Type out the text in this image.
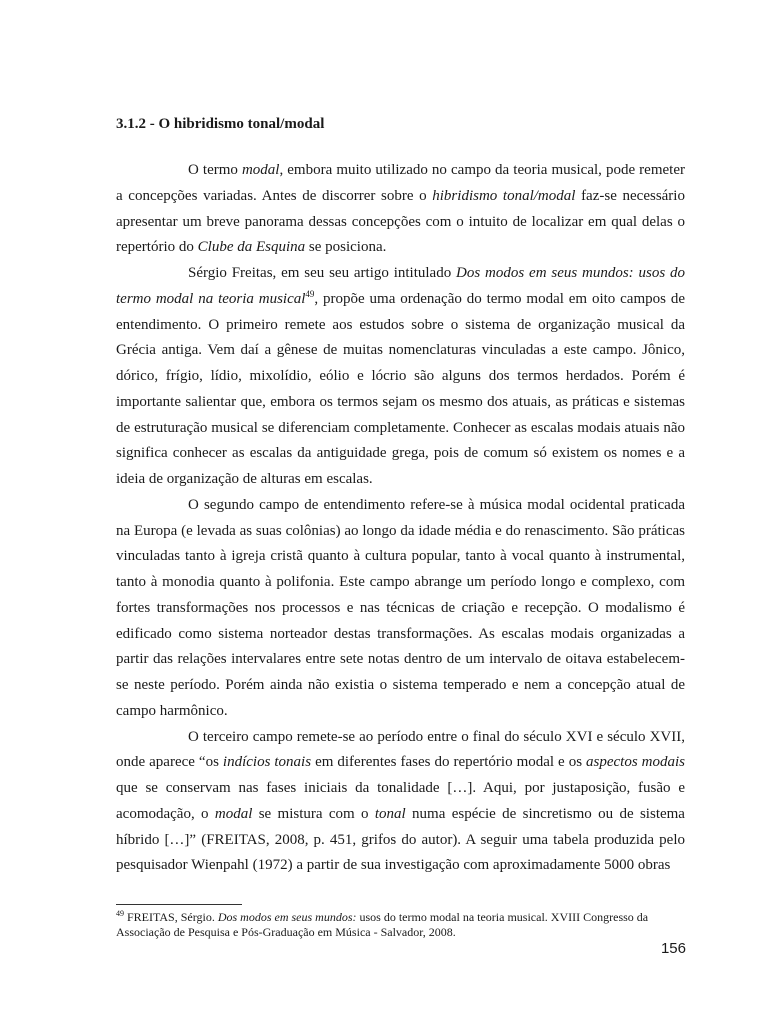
3.1.2 - O hibridismo tonal/modal

O termo modal, embora muito utilizado no campo da teoria musical, pode remeter a concepções variadas. Antes de discorrer sobre o hibridismo tonal/modal faz-se necessário apresentar um breve panorama dessas concepções com o intuito de localizar em qual delas o repertório do Clube da Esquina se posiciona.

Sérgio Freitas, em seu seu artigo intitulado Dos modos em seus mundos: usos do termo modal na teoria musical$^{49}$, propõe uma ordenação do termo modal em oito campos de entendimento. O primeiro remete aos estudos sobre o sistema de organização musical da Grécia antiga. Vem daí a gênese de muitas nomenclaturas vinculadas a este campo. Jônico, dórico, frígio, lídio, mixolídio, eólio e lócrio são alguns dos termos herdados. Porém é importante salientar que, embora os termos sejam os mesmo dos atuais, as práticas e sistemas de estruturação musical se diferenciam completamente. Conhecer as escalas modais atuais não significa conhecer as escalas da antiguidade grega, pois de comum só existem os nomes e a ideia de organização de alturas em escalas.

O segundo campo de entendimento refere-se à música modal ocidental praticada na Europa (e levada as suas colônias) ao longo da idade média e do renascimento. São práticas vinculadas tanto à igreja cristã quanto à cultura popular, tanto à vocal quanto à instrumental, tanto à monodia quanto à polifonia. Este campo abrange um período longo e complexo, com fortes transformações nos processos e nas técnicas de criação e recepção. O modalismo é edificado como sistema norteador destas transformações. As escalas modais organizadas a partir das relações intervalares entre sete notas dentro de um intervalo de oitava estabelecem-se neste período. Porém ainda não existia o sistema temperado e nem a concepção atual de campo harmônico.

O terceiro campo remete-se ao período entre o final do século XVI e século XVII, onde aparece “os indícios tonais em diferentes fases do repertório modal e os aspectos modais que se conservam nas fases iniciais da tonalidade […]. Aqui, por justaposição, fusão e acomodação, o modal se mistura com o tonal numa espécie de sincretismo ou de sistema híbrido […]” (FREITAS, 2008, p. 451, grifos do autor). A seguir uma tabela produzida pelo pesquisador Wienpahl (1972) a partir de sua investigação com aproximadamente 5000 obras

$^{49}$ FREITAS, Sérgio. Dos modos em seus mundos: usos do termo modal na teoria musical. XVIII Congresso da Associação de Pesquisa e Pós-Graduação em Música - Salvador, 2008.

156
